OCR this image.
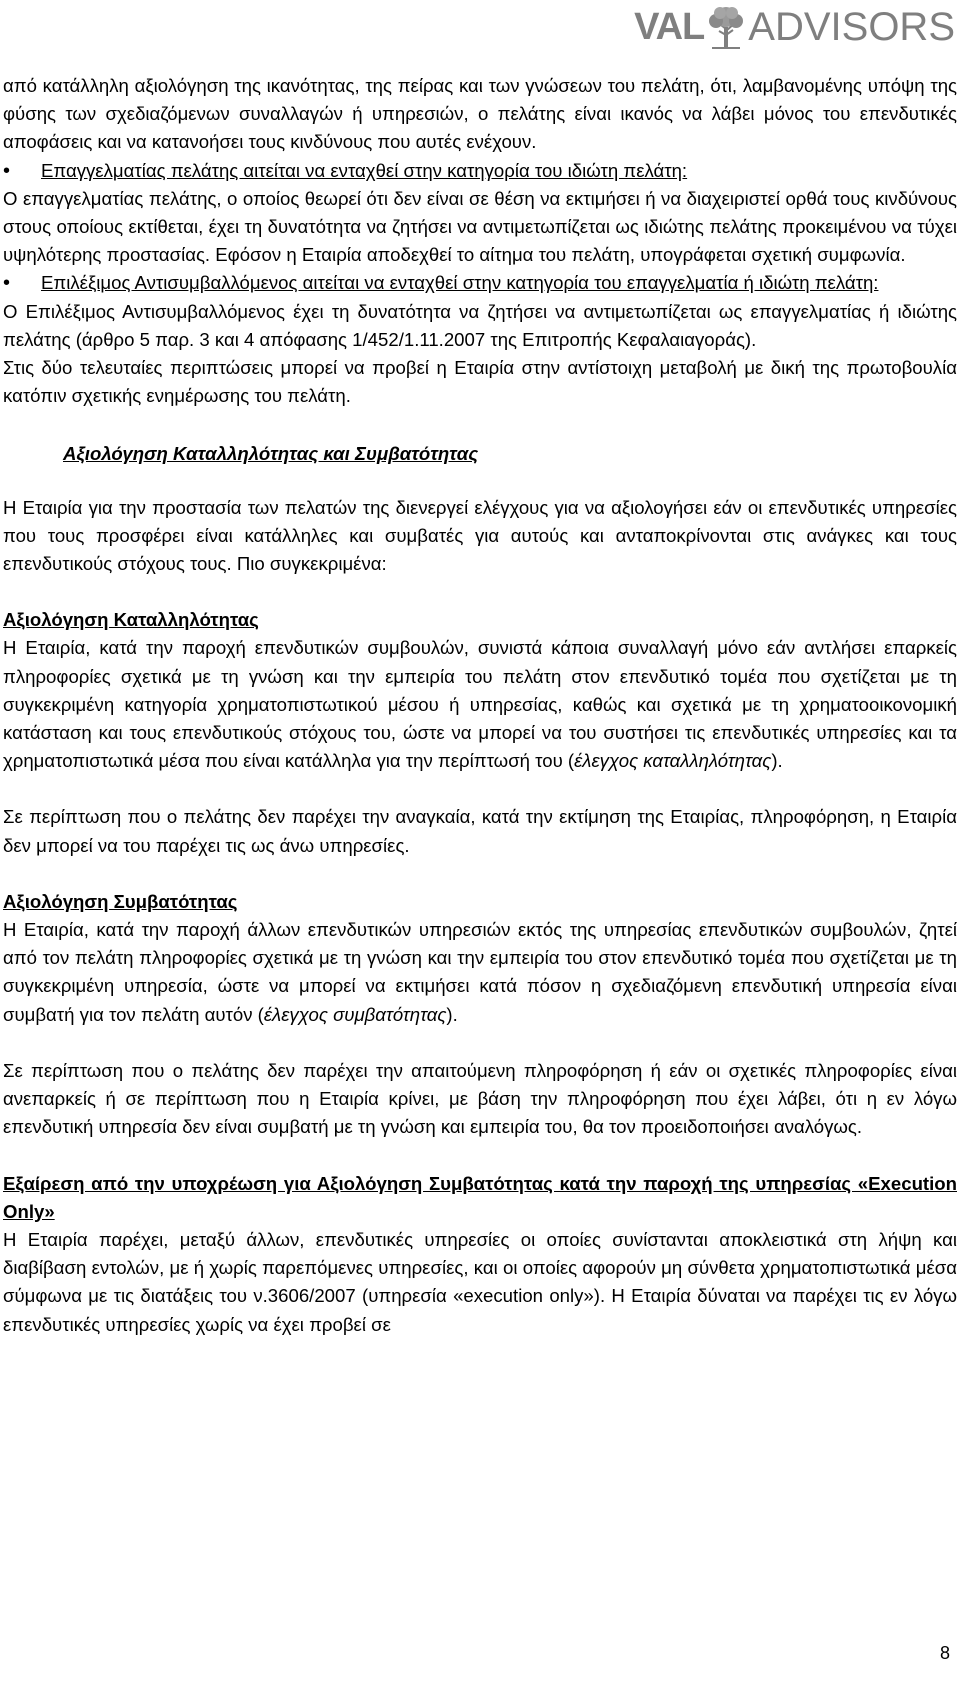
VAL ADVISORS

από κατάλληλη αξιολόγηση της ικανότητας, της πείρας και των γνώσεων του πελάτη, ότι, λαμβανομένης υπόψη της φύσης των σχεδιαζόμενων συναλλαγών ή υπηρεσιών, ο πελάτης είναι ικανός να λάβει μόνος του επενδυτικές αποφάσεις και να κατανοήσει τους κινδύνους που αυτές ενέχουν.

•	Επαγγελματίας πελάτης αιτείται να ενταχθεί στην κατηγορία του ιδιώτη πελάτη:

Ο επαγγελματίας πελάτης, ο οποίος θεωρεί ότι δεν είναι σε θέση να εκτιμήσει ή να διαχειριστεί ορθά τους κινδύνους στους οποίους εκτίθεται, έχει τη δυνατότητα να ζητήσει να αντιμετωπίζεται ως ιδιώτης πελάτης προκειμένου να τύχει υψηλότερης προστασίας. Εφόσον η Εταιρία αποδεχθεί το αίτημα του πελάτη, υπογράφεται σχετική συμφωνία.

•	Επιλέξιμος Αντισυμβαλλόμενος αιτείται να ενταχθεί στην κατηγορία του επαγγελματία ή ιδιώτη πελάτη:

Ο Επιλέξιμος Αντισυμβαλλόμενος έχει τη δυνατότητα να ζητήσει να αντιμετωπίζεται ως επαγγελματίας ή ιδιώτης πελάτης (άρθρο 5 παρ. 3 και 4 απόφασης 1/452/1.11.2007 της Επιτροπής Κεφαλαιαγοράς).

Στις δύο τελευταίες περιπτώσεις μπορεί να προβεί η Εταιρία στην αντίστοιχη μεταβολή με δική της πρωτοβουλία κατόπιν σχετικής ενημέρωσης του πελάτη.

Αξιολόγηση Καταλληλότητας και Συμβατότητας

Η Εταιρία για την προστασία των πελατών της διενεργεί ελέγχους για να αξιολογήσει εάν οι επενδυτικές υπηρεσίες που τους προσφέρει είναι κατάλληλες και συμβατές για αυτούς και ανταποκρίνονται στις ανάγκες και τους επενδυτικούς στόχους τους. Πιο συγκεκριμένα:

Αξιολόγηση Καταλληλότητας

Η Εταιρία, κατά την παροχή επενδυτικών συμβουλών, συνιστά κάποια συναλλαγή μόνο εάν αντλήσει επαρκείς πληροφορίες σχετικά με τη γνώση και την εμπειρία του πελάτη στον επενδυτικό τομέα που σχετίζεται με τη συγκεκριμένη κατηγορία χρηματοπιστωτικού μέσου ή υπηρεσίας, καθώς και σχετικά με τη χρηματοοικονομική κατάσταση και τους επενδυτικούς στόχους του, ώστε να μπορεί να του συστήσει τις επενδυτικές υπηρεσίες και τα χρηματοπιστωτικά μέσα που είναι κατάλληλα για την περίπτωσή του (έλεγχος καταλληλότητας).

Σε περίπτωση που ο πελάτης δεν παρέχει την αναγκαία, κατά την εκτίμηση της Εταιρίας, πληροφόρηση, η Εταιρία δεν μπορεί να του παρέχει τις ως άνω υπηρεσίες.

Αξιολόγηση Συμβατότητας

Η Εταιρία, κατά την παροχή άλλων επενδυτικών υπηρεσιών εκτός της υπηρεσίας επενδυτικών συμβουλών, ζητεί από τον πελάτη πληροφορίες σχετικά με τη γνώση και την εμπειρία του στον επενδυτικό τομέα που σχετίζεται με τη συγκεκριμένη υπηρεσία, ώστε να μπορεί να εκτιμήσει κατά πόσον η σχεδιαζόμενη επενδυτική υπηρεσία είναι συμβατή για τον πελάτη αυτόν (έλεγχος συμβατότητας).

Σε περίπτωση που ο πελάτης δεν παρέχει την απαιτούμενη πληροφόρηση ή εάν οι σχετικές πληροφορίες είναι ανεπαρκείς ή σε περίπτωση που η Εταιρία κρίνει, με βάση την πληροφόρηση που έχει λάβει, ότι η εν λόγω επενδυτική υπηρεσία δεν είναι συμβατή με τη γνώση και εμπειρία του, θα τον προειδοποιήσει αναλόγως.

Εξαίρεση από την υποχρέωση για Αξιολόγηση Συμβατότητας κατά την παροχή της υπηρεσίας «Execution Only»

Η Εταιρία παρέχει, μεταξύ άλλων, επενδυτικές υπηρεσίες οι οποίες συνίστανται αποκλειστικά στη λήψη και διαβίβαση εντολών, με ή χωρίς παρεπόμενες υπηρεσίες, και οι οποίες αφορούν μη σύνθετα χρηματοπιστωτικά μέσα σύμφωνα με τις διατάξεις του ν.3606/2007 (υπηρεσία «execution only»). Η Εταιρία δύναται να παρέχει τις εν λόγω επενδυτικές υπηρεσίες χωρίς να έχει προβεί σε

8
